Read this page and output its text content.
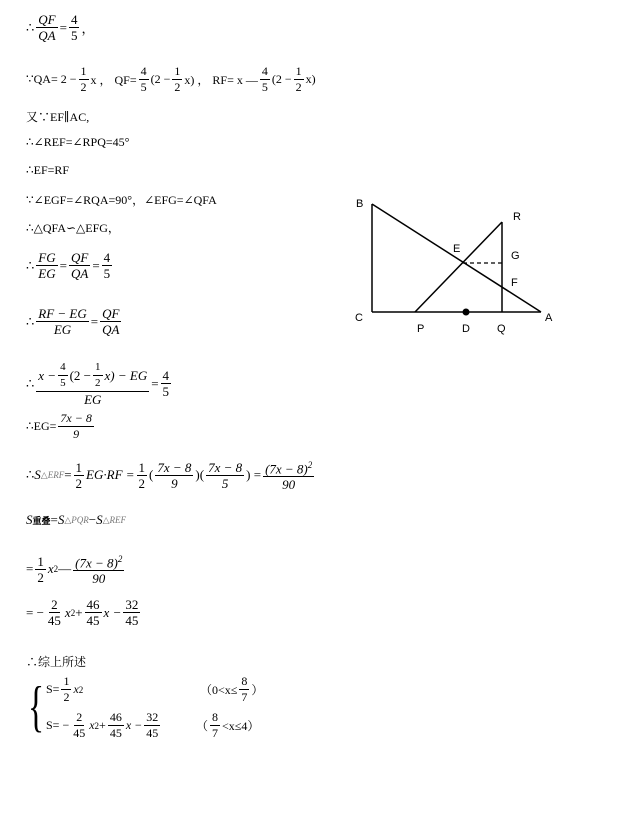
∴ $\frac{QF}{QA} = \frac{4}{5}$ ，
∵QA= $2 - \frac{1}{2}$ x ， $QF= \frac{4}{5} (2 - \frac{1}{2} x)$ ， RF= x — $\frac{4}{5} (2 - \frac{1}{2} x)$
又∵EF∥AC,
∴∠REF=∠RPQ=45°
∴EF=RF
∵∠EGF=∠RQA=90°，∠EFG=∠QFA
∴△QFA∽△EFG，
∴ $\frac{FG}{EG} = \frac{QF}{QA} = \frac{4}{5}$
∴ $\frac{RF - EG}{EG} = \frac{QF}{QA}$
∴ $\frac{x - \frac{4}{5} (2 - \frac{1}{2} x) - EG}{EG} = \frac{4}{5}$
∴EG= $\frac{7x - 8}{9}$
∴ S △ERF = $\frac{1}{2} EG\cdot RF = \frac{1}{2}$ ( $\frac{7x - 8}{9}$ )( $\frac{7x - 8}{5}$ ) = $\frac{(7x - 8)^2}{90}$
S 重叠 = S △PQR − S △REF
= $\frac{1}{2}$ x 2 — $(7x - 8)^2$
90
= − $\frac{2}{45}$ x $2 + \frac{46}{45}$ $x - \frac{32}{45}$
∴综上所述
{ $S= \frac{1}{2}$ x 2	（$0<x\le \frac{8}{7}$ ）
$S= - \frac{2}{45}$ x $2 + \frac{46}{45}$ $x - \frac{32}{45}$	（ $\frac{8}{7} <x\le 4$）
B
R
E
G
F
C
P	D Q
A
